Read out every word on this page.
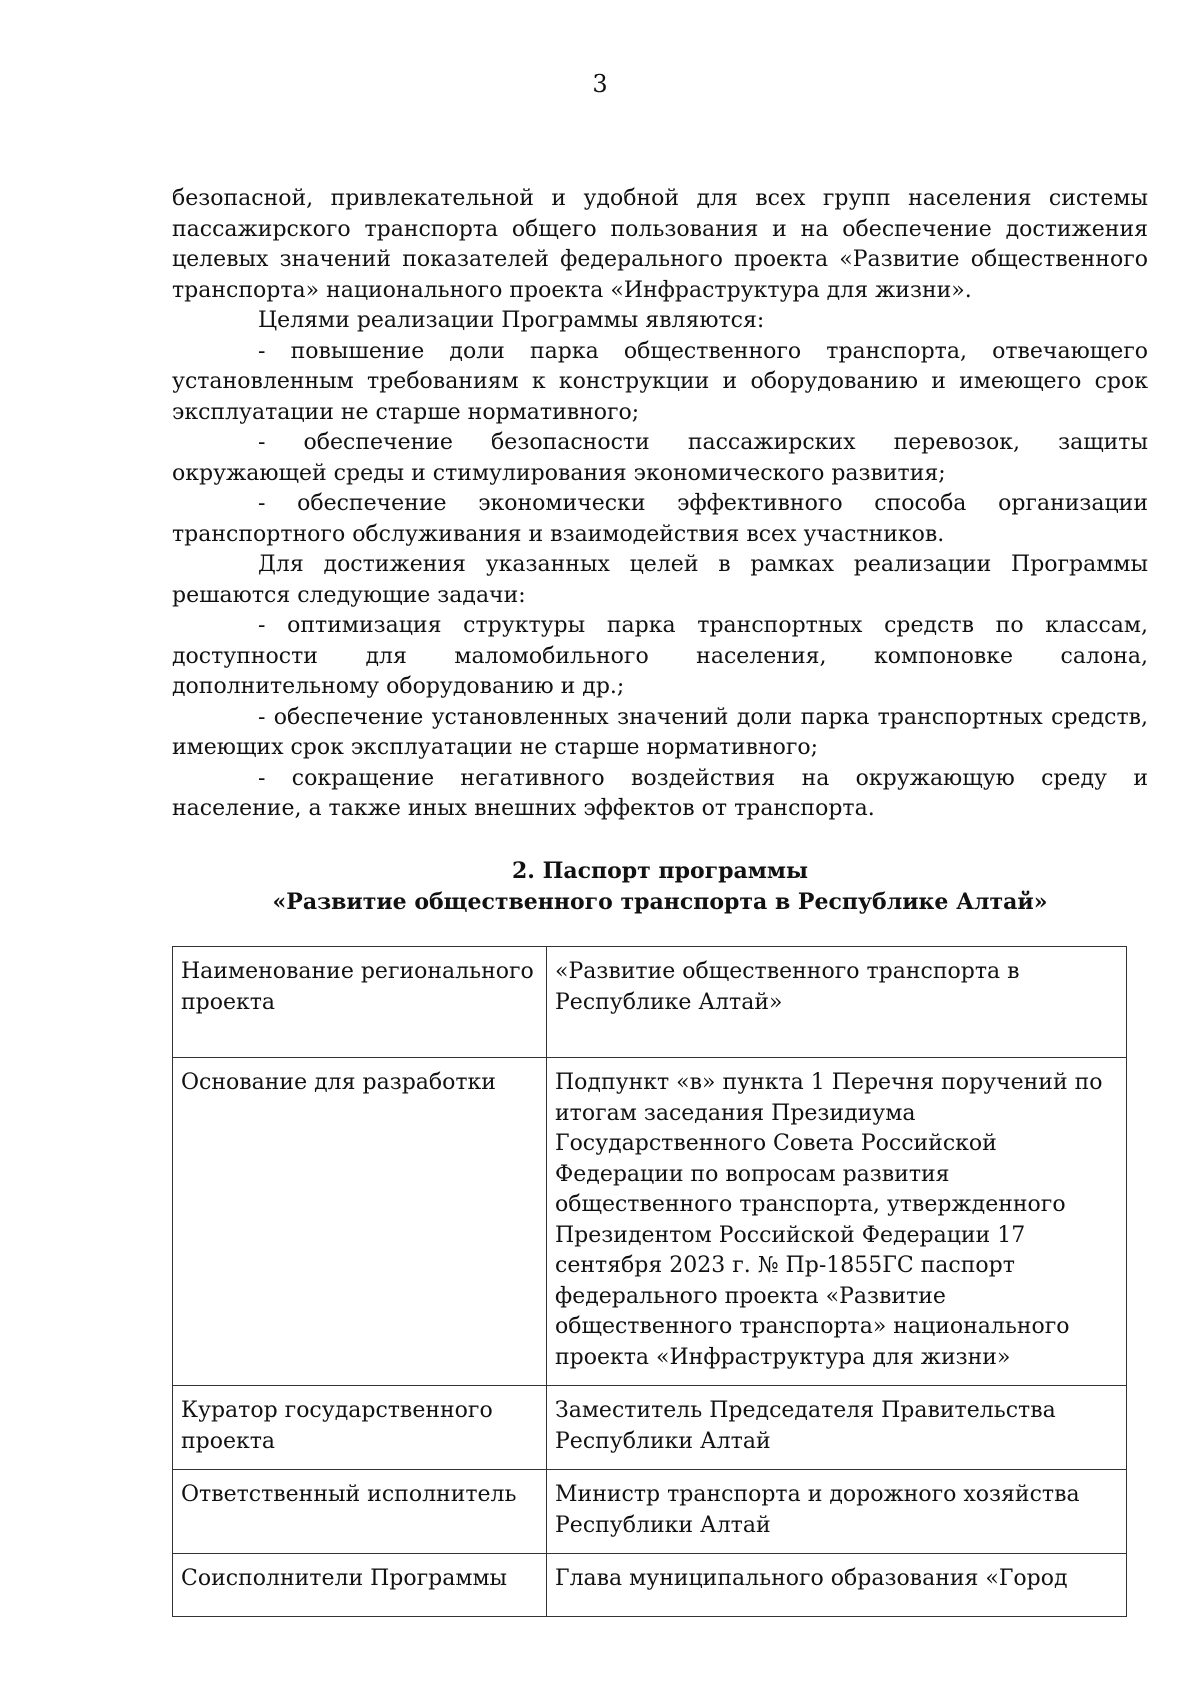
3

безопасной, привлекательной и удобной для всех групп населения системы пассажирского транспорта общего пользования и на обеспечение достижения целевых значений показателей федерального проекта «Развитие общественного транспорта» национального проекта «Инфраструктура для жизни».

Целями реализации Программы являются:

- повышение доли парка общественного транспорта, отвечающего установленным требованиям к конструкции и оборудованию и имеющего срок эксплуатации не старше нормативного;

- обеспечение безопасности пассажирских перевозок, защиты окружающей среды и стимулирования экономического развития;

- обеспечение экономически эффективного способа организации транспортного обслуживания и взаимодействия всех участников.

Для достижения указанных целей в рамках реализации Программы решаются следующие задачи:

- оптимизация структуры парка транспортных средств по классам, доступности для маломобильного населения, компоновке салона, дополнительному оборудованию и др.;

- обеспечение установленных значений доли парка транспортных средств, имеющих срок эксплуатации не старше нормативного;

- сокращение негативного воздействия на окружающую среду и население, а также иных внешних эффектов от транспорта.

2. Паспорт программы
«Развитие общественного транспорта в Республике Алтай»
Наименование регионального проекта	«Развитие общественного транспорта в Республике Алтай»
Основание для разработки	Подпункт «в» пункта 1 Перечня поручений по итогам заседания Президиума Государственного Совета Российской Федерации по вопросам развития общественного транспорта, утвержденного Президентом Российской Федерации 17 сентября 2023 г. № Пр-1855ГС паспорт федерального проекта «Развитие общественного транспорта» национального проекта «Инфраструктура для жизни»
Куратор государственного проекта	Заместитель Председателя Правительства Республики Алтай
Ответственный исполнитель	Министр транспорта и дорожного хозяйства Республики Алтай
Соисполнители Программы	Глава муниципального образования «Город
